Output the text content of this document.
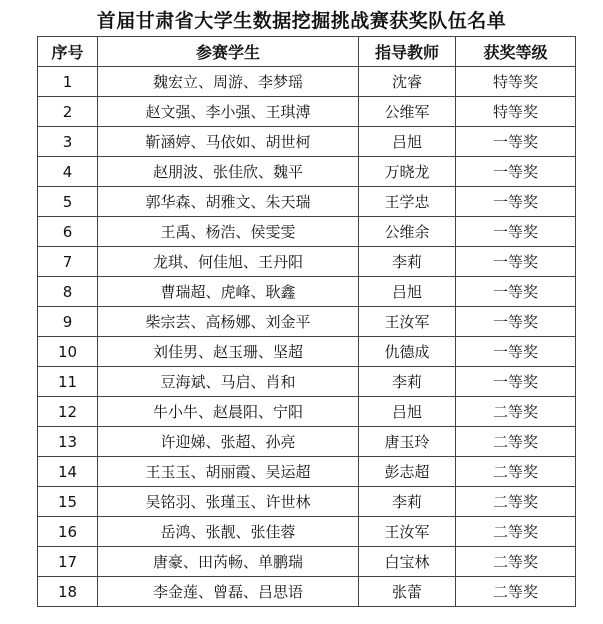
首届甘肃省大学生数据挖掘挑战赛获奖队伍名单
序号	参赛学生	指导教师	获奖等级
1	魏宏立、周游、李梦瑶	沈睿	特等奖
2	赵文强、李小强、王琪溥	公维军	特等奖
3	靳涵婷、马依如、胡世柯	吕旭	一等奖
4	赵朋波、张佳欣、魏平	万晓龙	一等奖
5	郭华森、胡雅文、朱天瑞	王学忠	一等奖
6	王禹、杨浩、侯雯雯	公维余	一等奖
7	龙琪、何佳旭、王丹阳	李莉	一等奖
8	曹瑞超、虎峰、耿鑫	吕旭	一等奖
9	柴宗芸、高杨娜、刘金平	王汝军	一等奖
10	刘佳男、赵玉珊、坚超	仇德成	一等奖
11	豆海斌、马启、肖和	李莉	一等奖
12	牛小牛、赵晨阳、宁阳	吕旭	二等奖
13	许迎娣、张超、孙亮	唐玉玲	二等奖
14	王玉玉、胡丽霞、吴运超	彭志超	二等奖
15	吴铭羽、张瑾玉、许世林	李莉	二等奖
16	岳鸿、张靓、张佳蓉	王汝军	二等奖
17	唐豪、田芮畅、单鹏瑞	白宝林	二等奖
18	李金莲、曾磊、吕思语	张蕾	二等奖
